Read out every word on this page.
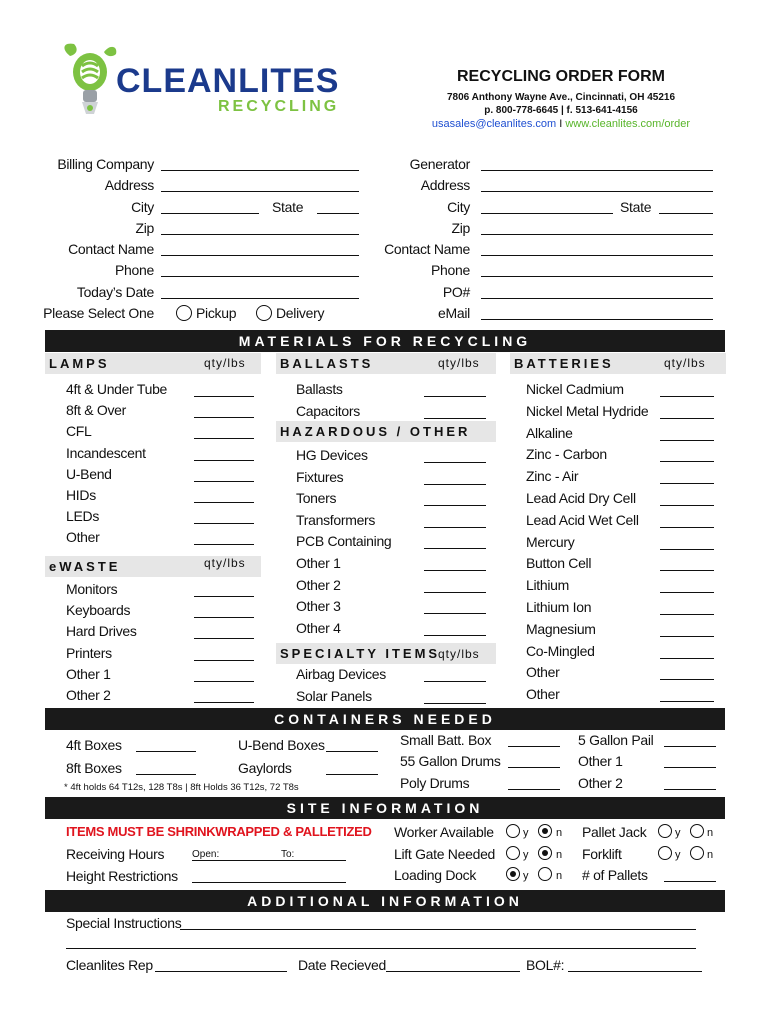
CLEANLITES
RECYCLING
RECYCLING ORDER FORM
7806 Anthony Wayne Ave., Cincinnati, OH 45216
p. 800-778-6645 | f. 513-641-4156
usasales@cleanlites.com I www.cleanlites.com/order
Billing Company
Address
City	State
Zip
Contact Name
Phone
Today’s Date
Please Select One	Pickup	Delivery
Generator
Address
City	State
Zip
Contact Name
Phone
PO#
eMail
MATERIALS FOR RECYCLING
LAMPS	qty/lbs
4ft & Under Tube
8ft & Over
CFL
Incandescent
U-Bend
HIDs
LEDs
Other
eWASTE	qty/lbs
Monitors
Keyboards
Hard Drives
Printers
Other 1
Other 2
BALLASTS	qty/lbs
Ballasts
Capacitors
HAZARDOUS / OTHER
HG Devices
Fixtures
Toners
Transformers
PCB Containing
Other 1
Other 2
Other 3
Other 4
SPECIALTY ITEMS
qty/lbs
Airbag Devices
Solar Panels
BATTERIES	qty/lbs
Nickel Cadmium
Nickel Metal Hydride
Alkaline
Zinc - Carbon
Zinc - Air
Lead Acid Dry Cell
Lead Acid Wet Cell
Mercury
Button Cell
Lithium
Lithium Ion
Magnesium
Co-Mingled
Other
Other
CONTAINERS NEEDED
4ft Boxes
8ft Boxes
U-Bend Boxes
Gaylords
* 4ft holds 64 T12s, 128 T8s | 8ft Holds 36 T12s, 72 T8s
Small Batt. Box
55 Gallon Drums
Poly Drums
5 Gallon Pail
Other 1
Other 2
SITE INFORMATION
ITEMS MUST BE SHRINKWRAPPED & PALLETIZED
Receiving Hours	Open:	To:
Height Restrictions
Worker Available	y	n
Lift Gate Needed	y	n
Loading Dock	y	n
Pallet Jack	y n
Forklift	y n
# of Pallets
ADDITIONAL INFORMATION
Special Instructions
Cleanlites Rep	Date Recieved	BOL#:
